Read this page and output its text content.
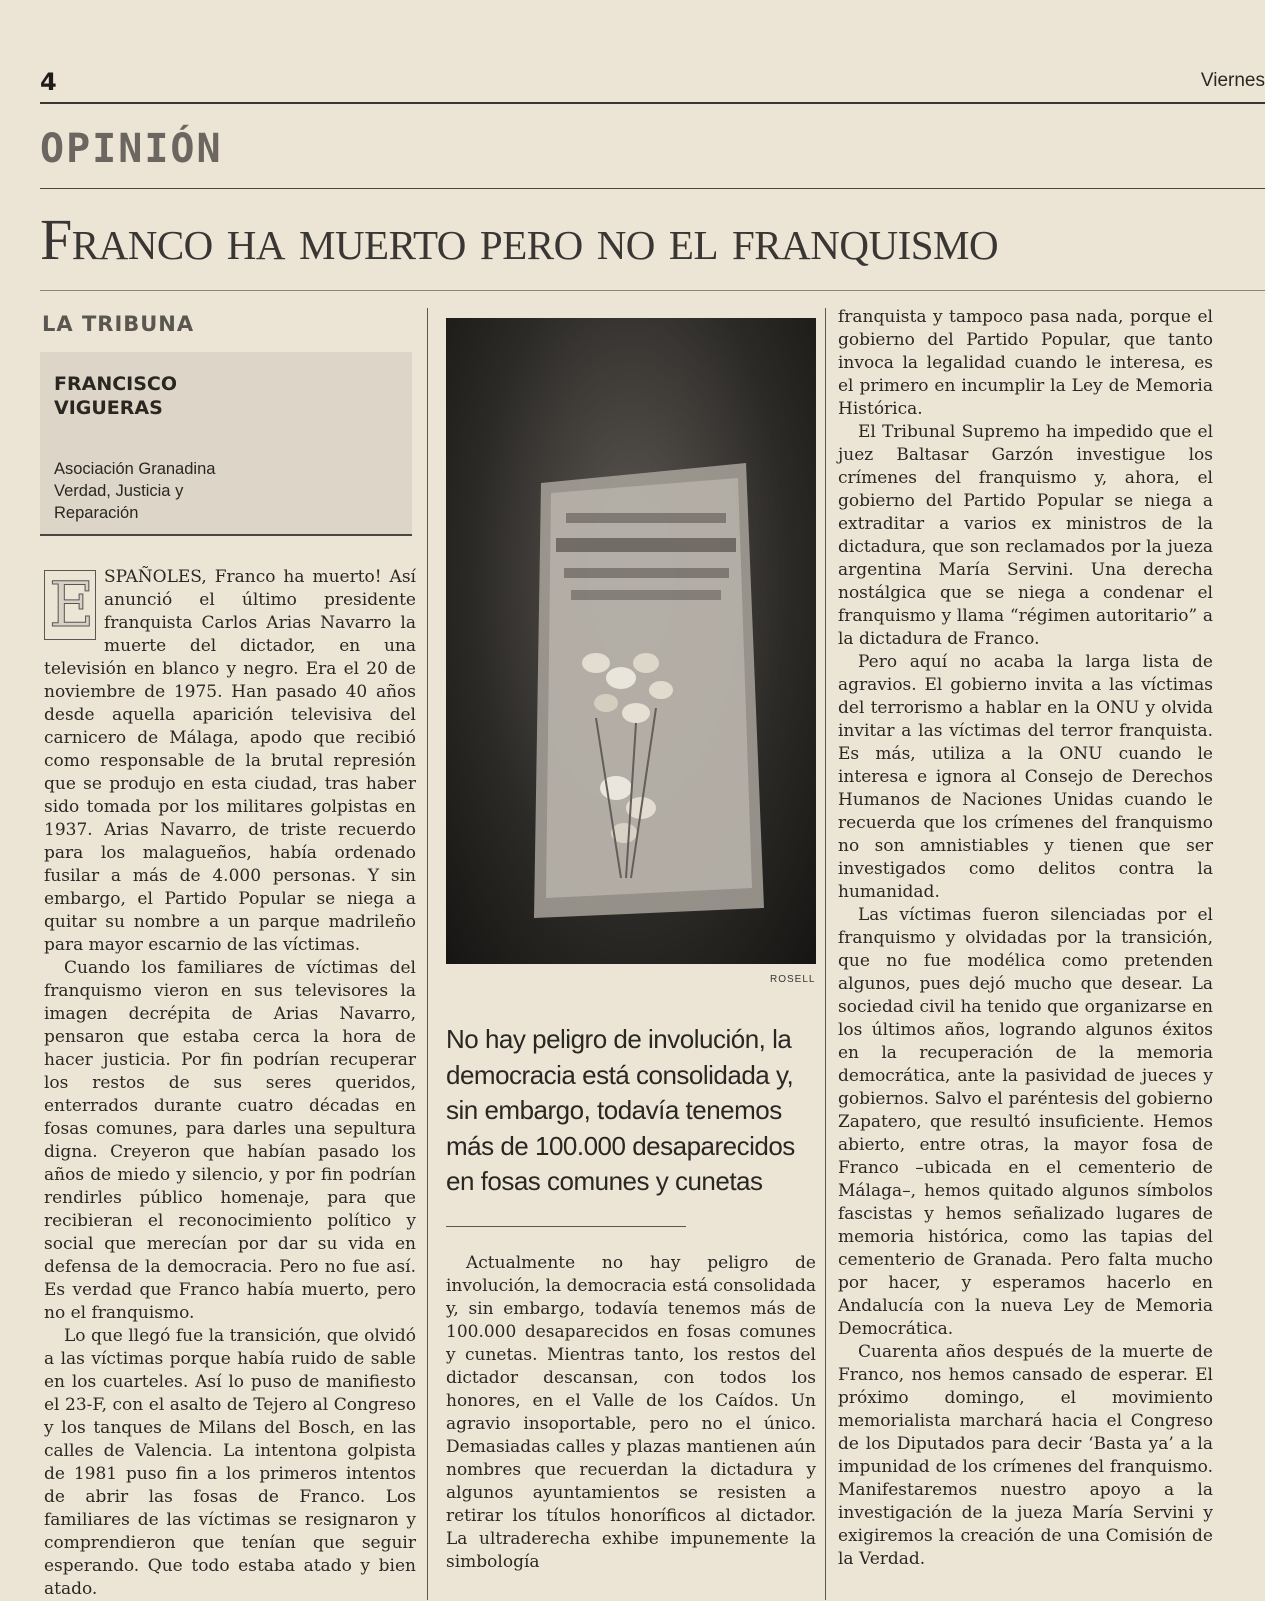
4	Viernes
OPINIÓN
Franco ha muerto pero no el franquismo
LA TRIBUNA
FRANCISCO
VIGUERAS
Asociación Granadina
Verdad, Justicia y
Reparación

E SPAÑOLES, Franco ha muerto! Así anunció el último presidente franquista Carlos Arias Navarro la muerte del dictador, en una televisión en blanco y negro. Era el 20 de noviembre de 1975. Han pasado 40 años desde aquella aparición televisiva del carnicero de Málaga, apodo que recibió como responsable de la brutal represión que se produjo en esta ciudad, tras haber sido tomada por los militares golpistas en 1937. Arias Navarro, de triste recuerdo para los malagueños, había ordenado fusilar a más de 4.000 personas. Y sin embargo, el Partido Popular se niega a quitar su nombre a un parque madrileño para mayor escarnio de las víctimas.

Cuando los familiares de víctimas del franquismo vieron en sus televisores la imagen decrépita de Arias Navarro, pensaron que estaba cerca la hora de hacer justicia. Por fin podrían recuperar los restos de sus seres queridos, enterrados durante cuatro décadas en fosas comunes, para darles una sepultura digna. Creyeron que habían pasado los años de miedo y silencio, y por fin podrían rendirles público homenaje, para que recibieran el reconocimiento político y social que merecían por dar su vida en defensa de la democracia. Pero no fue así. Es verdad que Franco había muerto, pero no el franquismo.

Lo que llegó fue la transición, que olvidó a las víctimas porque había ruido de sable en los cuarteles. Así lo puso de manifiesto el 23-F, con el asalto de Tejero al Congreso y los tanques de Milans del Bosch, en las calles de Valencia. La intentona golpista de 1981 puso fin a los primeros intentos de abrir las fosas de Franco. Los familiares de las víctimas se resignaron y comprendieron que tenían que seguir esperando. Que todo estaba atado y bien atado.

ROSELL
No hay peligro de involución, la democracia está consolidada y, sin embargo, todavía tenemos más de 100.000 desaparecidos en fosas comunes y cunetas

Actualmente no hay peligro de involución, la democracia está consolidada y, sin embargo, todavía tenemos más de 100.000 desaparecidos en fosas comunes y cunetas. Mientras tanto, los restos del dictador descansan, con todos los honores, en el Valle de los Caídos. Un agravio insoportable, pero no el único. Demasiadas calles y plazas mantienen aún nombres que recuerdan la dictadura y algunos ayuntamientos se resisten a retirar los títulos honoríficos al dictador. La ultraderecha exhibe impunemente la simbología

franquista y tampoco pasa nada, porque el gobierno del Partido Popular, que tanto invoca la legalidad cuando le interesa, es el primero en incumplir la Ley de Memoria Histórica.

El Tribunal Supremo ha impedido que el juez Baltasar Garzón investigue los crímenes del franquismo y, ahora, el gobierno del Partido Popular se niega a extraditar a varios ex ministros de la dictadura, que son reclamados por la jueza argentina María Servini. Una derecha nostálgica que se niega a condenar el franquismo y llama “régimen autoritario” a la dictadura de Franco.

Pero aquí no acaba la larga lista de agravios. El gobierno invita a las víctimas del terrorismo a hablar en la ONU y olvida invitar a las víctimas del terror franquista. Es más, utiliza a la ONU cuando le interesa e ignora al Consejo de Derechos Humanos de Naciones Unidas cuando le recuerda que los crímenes del franquismo no son amnistiables y tienen que ser investigados como delitos contra la humanidad.

Las víctimas fueron silenciadas por el franquismo y olvidadas por la transición, que no fue modélica como pretenden algunos, pues dejó mucho que desear. La sociedad civil ha tenido que organizarse en los últimos años, logrando algunos éxitos en la recuperación de la memoria democrática, ante la pasividad de jueces y gobiernos. Salvo el paréntesis del gobierno Zapatero, que resultó insuficiente. Hemos abierto, entre otras, la mayor fosa de Franco –ubicada en el cementerio de Málaga–, hemos quitado algunos símbolos fascistas y hemos señalizado lugares de memoria histórica, como las tapias del cementerio de Granada. Pero falta mucho por hacer, y esperamos hacerlo en Andalucía con la nueva Ley de Memoria Democrática.

Cuarenta años después de la muerte de Franco, nos hemos cansado de esperar. El próximo domingo, el movimiento memorialista marchará hacia el Congreso de los Diputados para decir ‘Basta ya’ a la impunidad de los crímenes del franquismo. Manifestaremos nuestro apoyo a la investigación de la jueza María Servini y exigiremos la creación de una Comisión de la Verdad.
